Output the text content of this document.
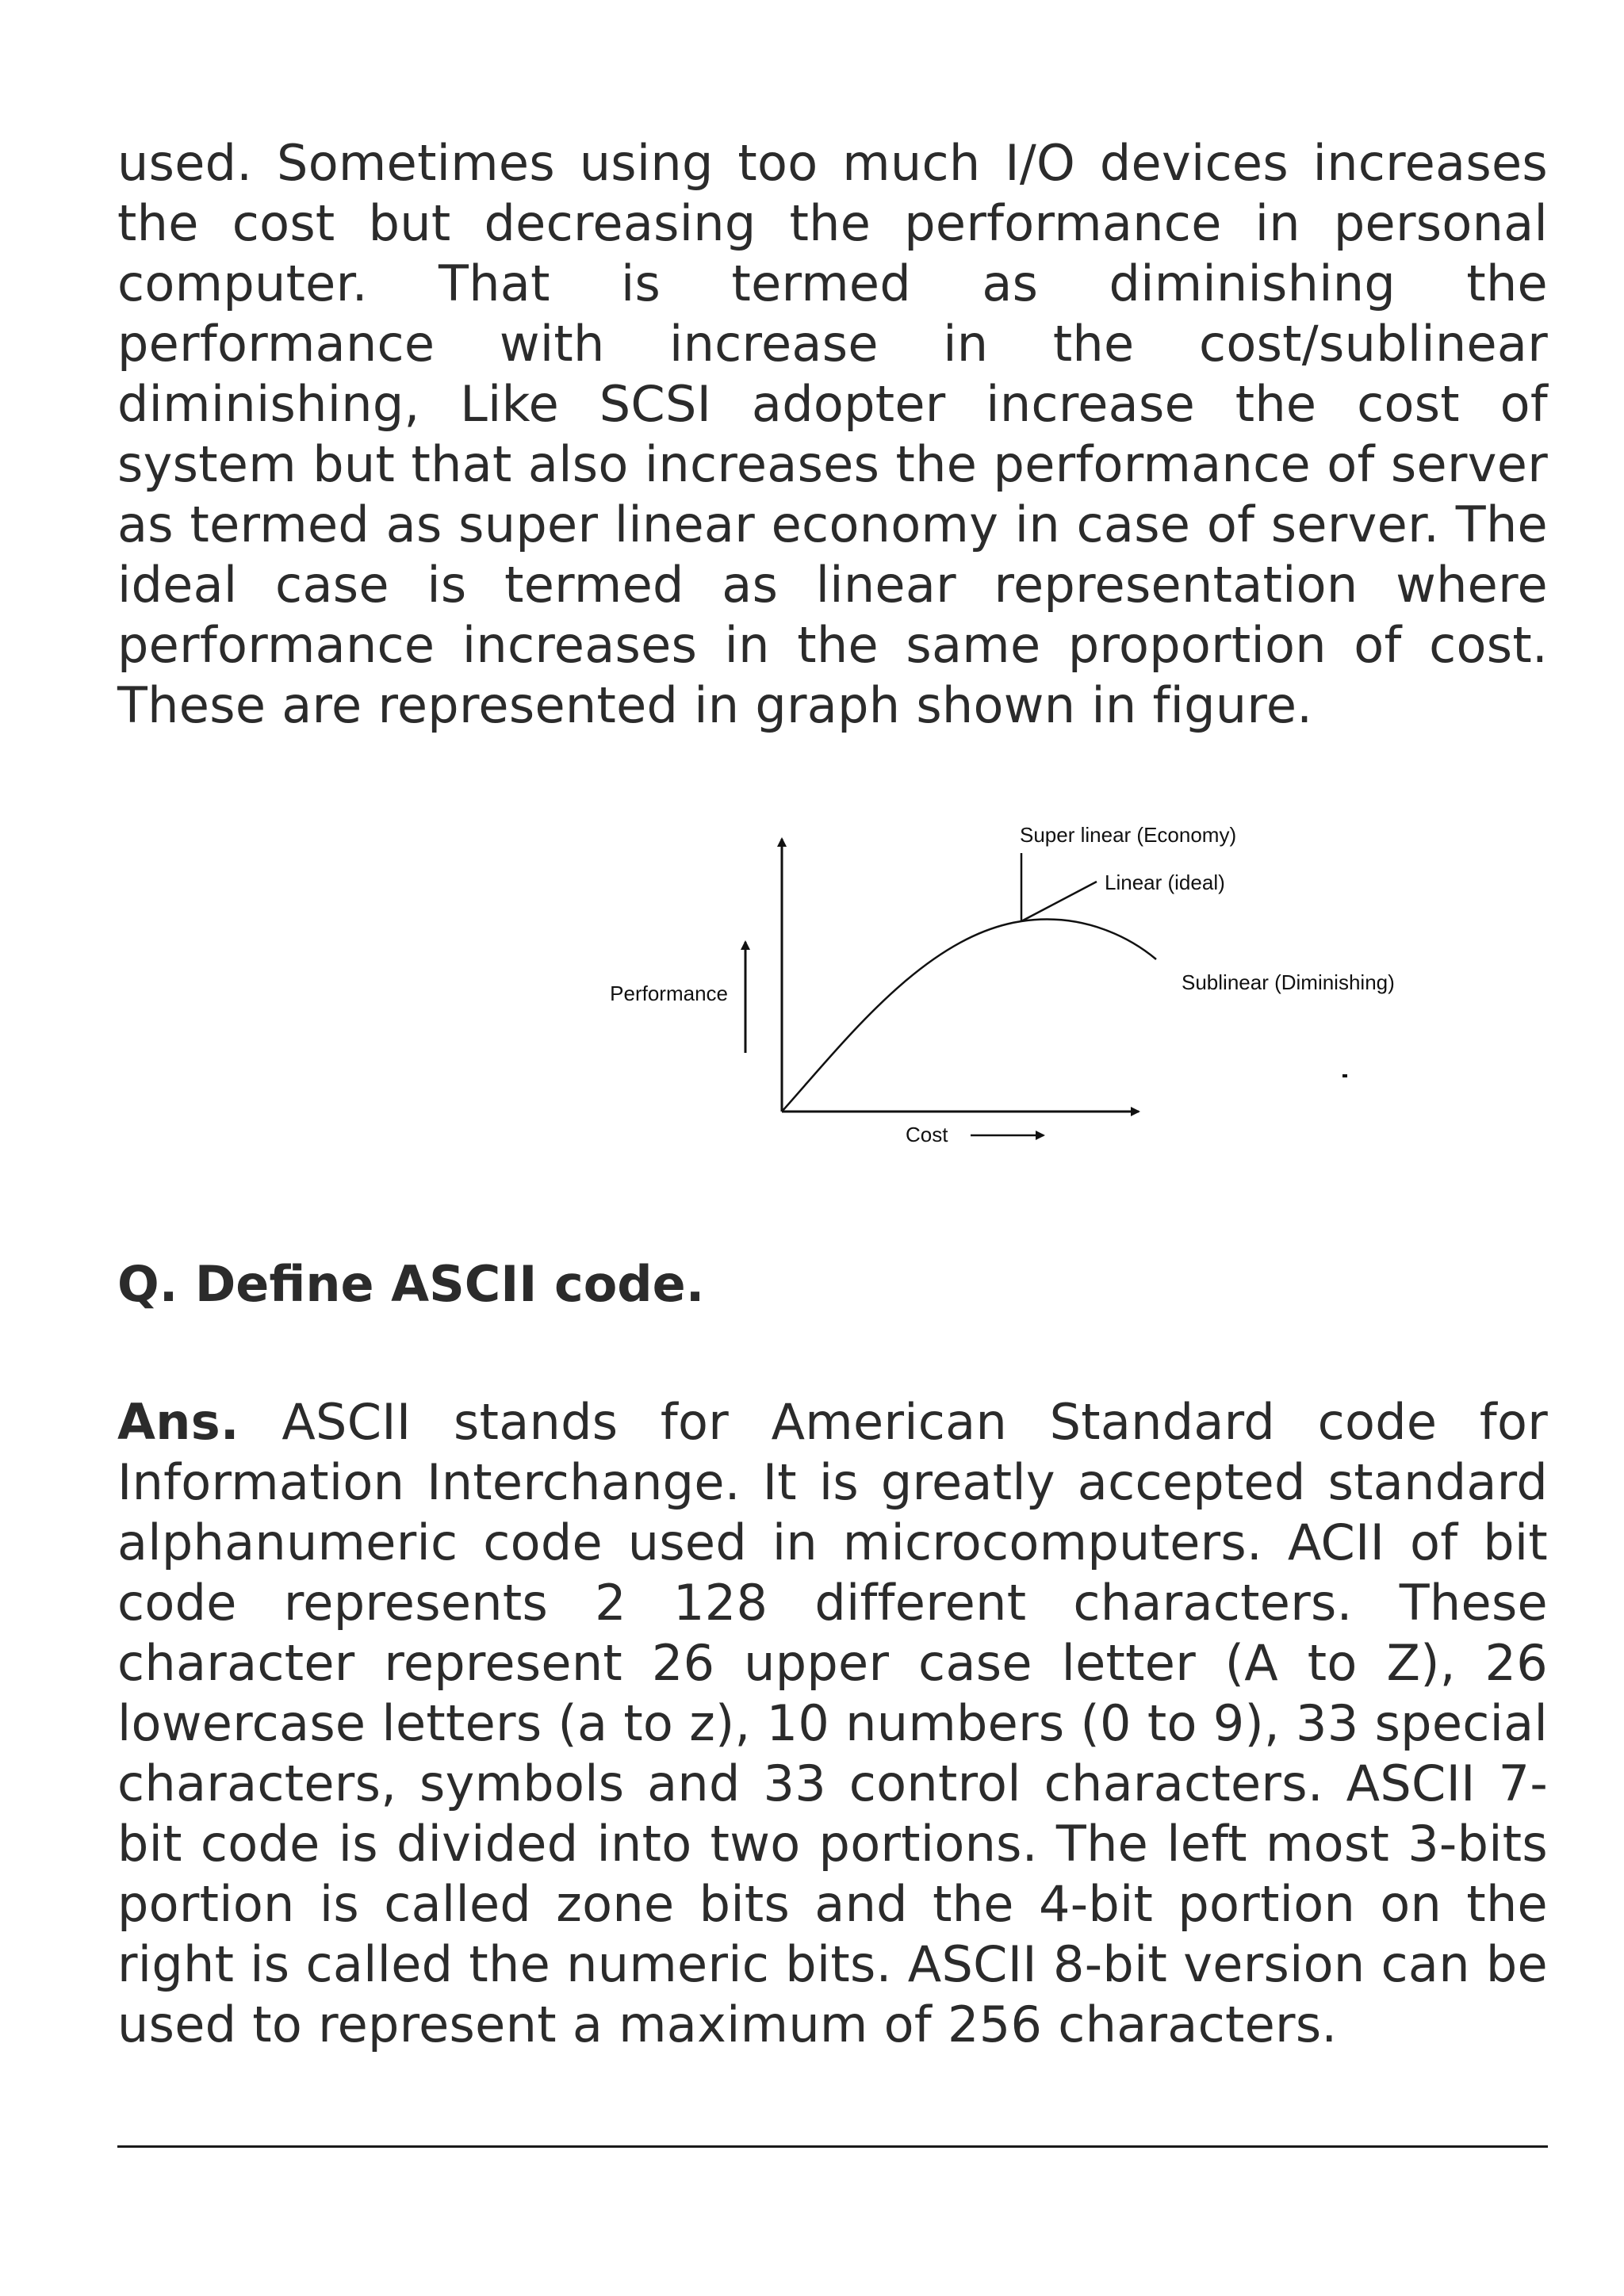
used. Sometimes using too much I/O devices increases the cost but decreasing the performance in personal computer. That is termed as diminishing the performance with increase in the cost/sublinear diminishing, Like SCSI adopter increase the cost of system but that also increases the performance of server as termed as super linear economy in case of server. The ideal case is termed as linear representation where performance increases in the same proportion of cost. These are represented in graph shown in figure.

Performance
Cost
Super linear (Economy)
Linear (ideal)
Sublinear (Diminishing)

Q. Define ASCII code.

Ans. ASCII stands for American Standard code for Information Interchange. It is greatly accepted standard alphanumeric code used in microcomputers. ACII of bit code represents 2 128 different characters. These character represent 26 upper case letter (A to Z), 26 lowercase letters (a to z), 10 numbers (0 to 9), 33 special characters, symbols and 33 control characters. ASCII 7-bit code is divided into two portions. The left most 3-bits portion is called zone bits and the 4-bit portion on the right is called the numeric bits. ASCII 8-bit version can be used to represent a maximum of 256 characters.
